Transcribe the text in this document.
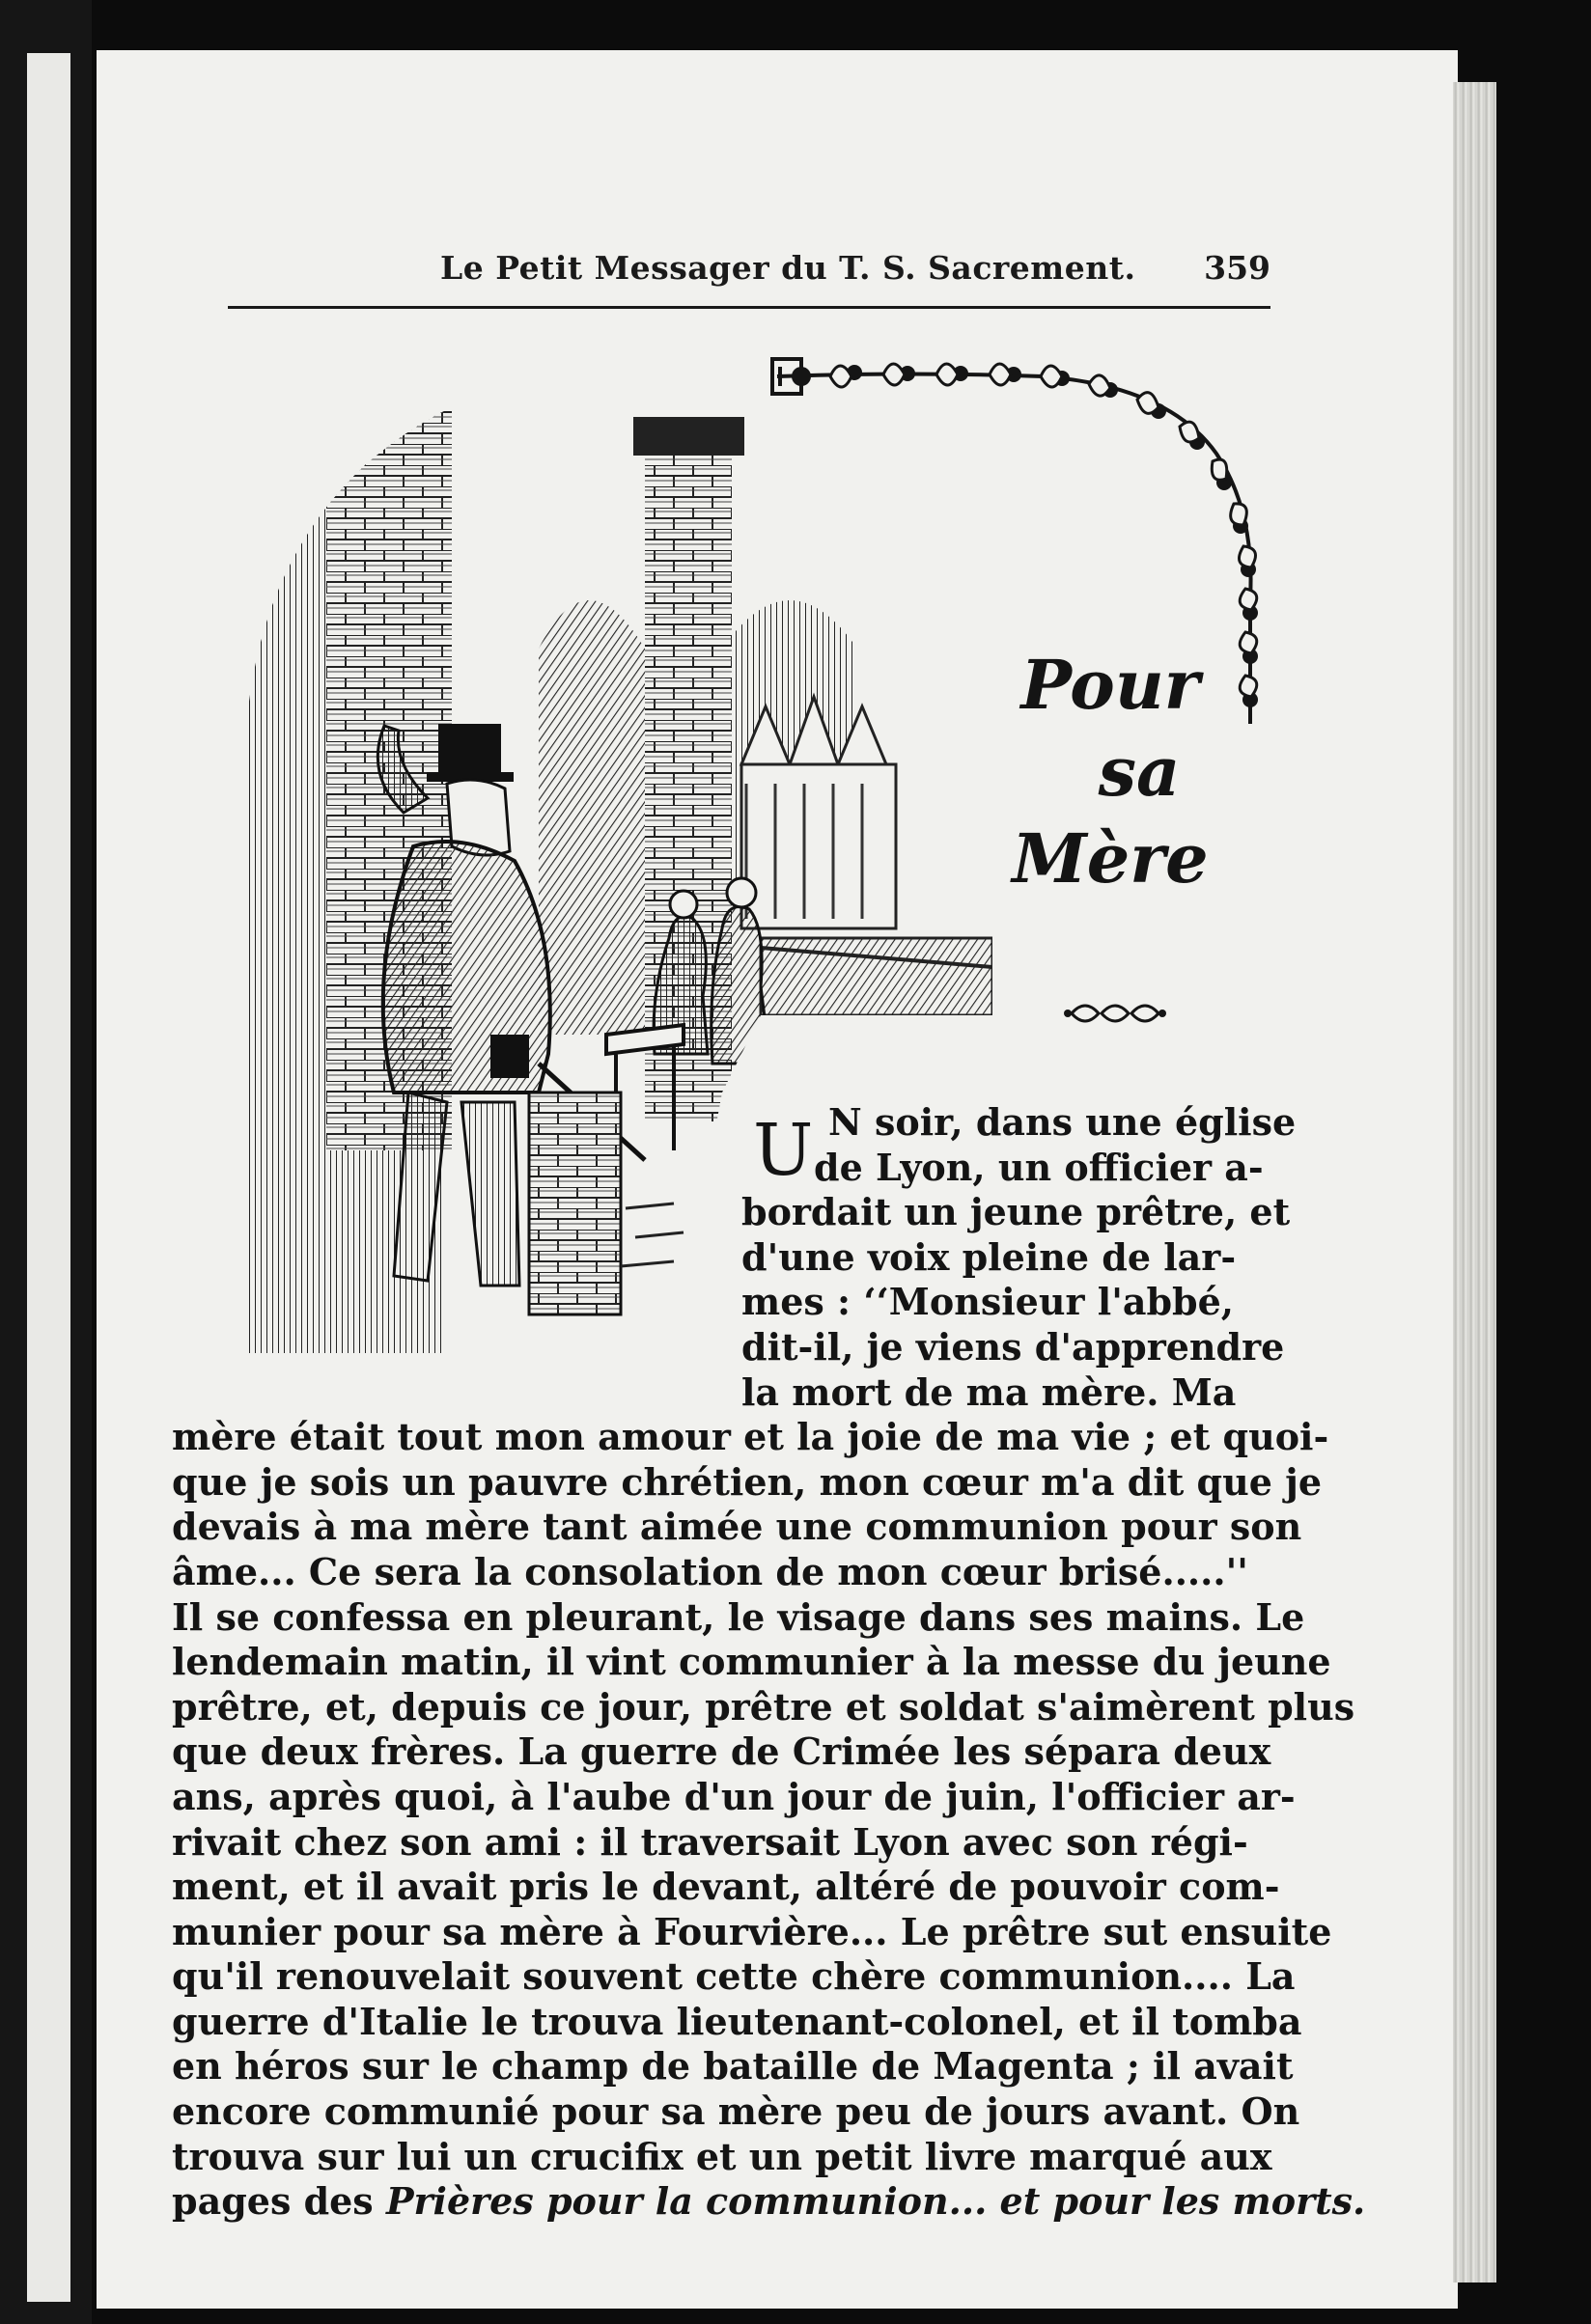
Le Petit Messager du T. S. Sacrement. 359
Pour
sa
Mère
U N soir, dans une église
de Lyon, un officier a-
bordait un jeune prêtre, et
d'une voix pleine de lar-
mes : ‘‘Monsieur l'abbé,
dit-il, je viens d'apprendre
la mort de ma mère. Ma
mère était tout mon amour et la joie de ma vie ; et quoi-
que je sois un pauvre chrétien, mon cœur m'a dit que je
devais à ma mère tant aimée une communion pour son
âme... Ce sera la consolation de mon cœur brisé.....''
Il se confessa en pleurant, le visage dans ses mains. Le
lendemain matin, il vint communier à la messe du jeune
prêtre, et, depuis ce jour, prêtre et soldat s'aimèrent plus
que deux frères. La guerre de Crimée les sépara deux
ans, après quoi, à l'aube d'un jour de juin, l'officier ar-
rivait chez son ami : il traversait Lyon avec son régi-
ment, et il avait pris le devant, altéré de pouvoir com-
munier pour sa mère à Fourvière... Le prêtre sut ensuite
qu'il renouvelait souvent cette chère communion.... La
guerre d'Italie le trouva lieutenant-colonel, et il tomba
en héros sur le champ de bataille de Magenta ; il avait
encore communié pour sa mère peu de jours avant. On
trouva sur lui un crucifix et un petit livre marqué aux
pages des Prières pour la communion... et pour les morts.
